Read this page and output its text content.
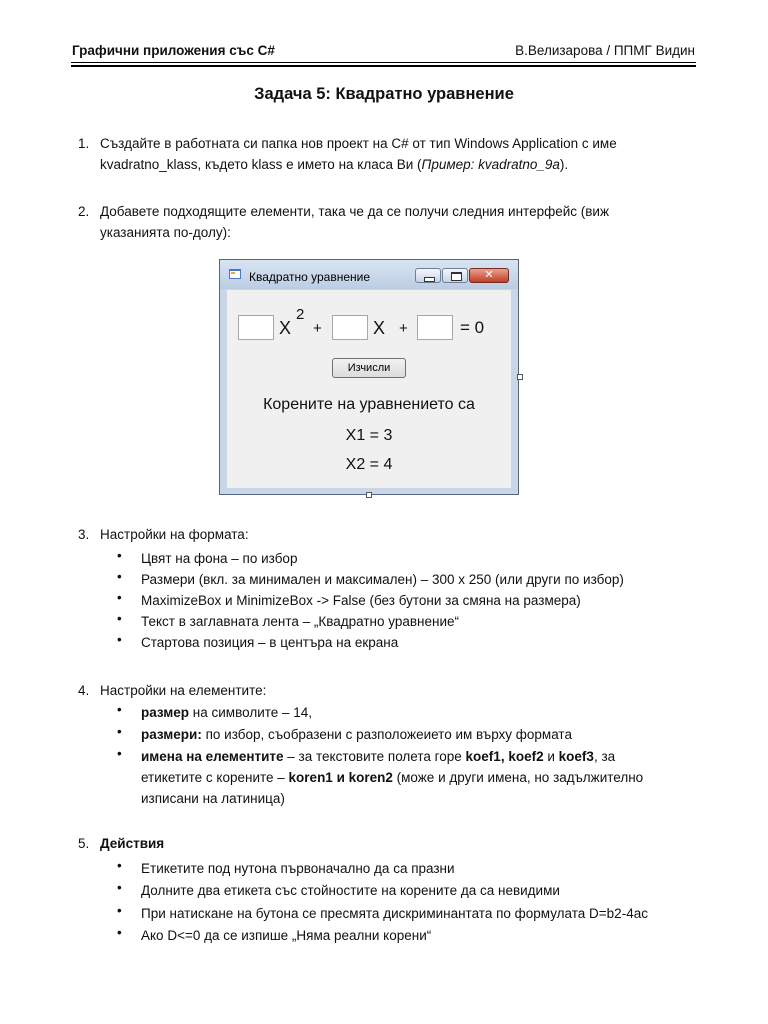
Графични приложения със C#	В.Велизарова / ППМГ Видин
Задача 5: Квадратно уравнение
1. Създайте в работната си папка нов проект на C# от тип Windows Application с име
kvadratno_klass, където klass е името на класа Ви (Пример: kvadratno_9а).
2. Добавете подходящите елементи, така че да се получи следния интерфейс (виж
указанията по-долу):
Квадратно уравнение	✕
X
2
+	X +	= 0
Изчисли
Корените на уравнението са
X1 = 3
X2 = 4
3. Настройки на формата:
• Цвят на фона – по избор
• Размери (вкл. за минимален и максимален) – 300 х 250 (или други по избор)
• MaximizeBox и MinimizeBox -> False (без бутони за смяна на размера)
• Текст в заглавната лента – „Квадратно уравнение“
• Стартова позиция – в центъра на екрана
4. Настройки на елементите:
• размер на символите – 14,
• размери: по избор, съобразени с разположеието им върху формата
• имена на елементите – за текстовите полета горе koef1, koef2 и koef3, за
етикетите с корените – koren1 и koren2 (може и други имена, но задължително
изписани на латиница)
5. Действия
• Етикетите под нутона първоначално да са празни
• Долните два етикета със стойностите на корените да са невидими
• При натискане на бутона се пресмята дискриминантата по формулата D=b2-4ac
• Ако D<=0 да се изпише „Няма реални корени“
